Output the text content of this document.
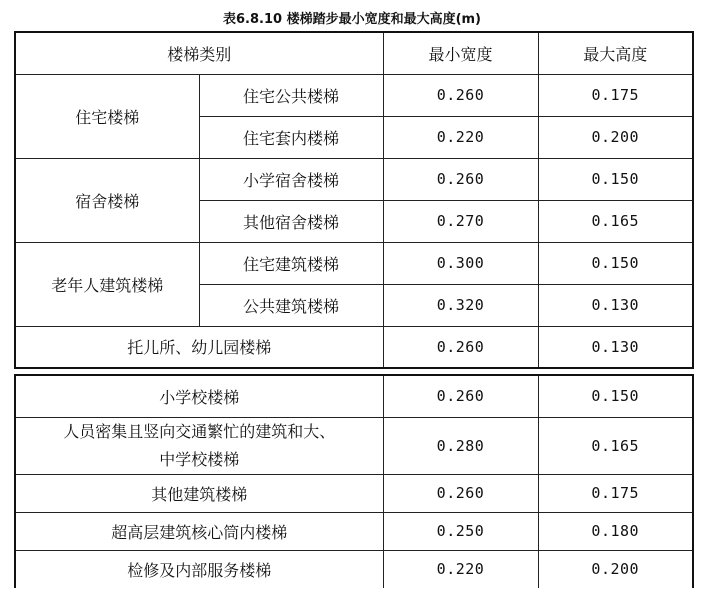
表6.8.10 楼梯踏步最小宽度和最大高度(m)
楼梯类别		最小宽度	最大高度
住宅楼梯	住宅公共楼梯	0.260	0.175
	住宅套内楼梯	0.220	0.200
宿舍楼梯	小学宿舍楼梯	0.260	0.150
	其他宿舍楼梯	0.270	0.165
老年人建筑楼梯	住宅建筑楼梯	0.300	0.150
	公共建筑楼梯	0.320	0.130
托儿所、幼儿园楼梯		0.260	0.130
小学校楼梯	0.260	0.150

人员密集且竖向交通繁忙的建筑和大、
中学校楼梯	0.280	0.165
其他建筑楼梯	0.260	0.175
超高层建筑核心筒内楼梯	0.250	0.180
检修及内部服务楼梯	0.220	0.200
